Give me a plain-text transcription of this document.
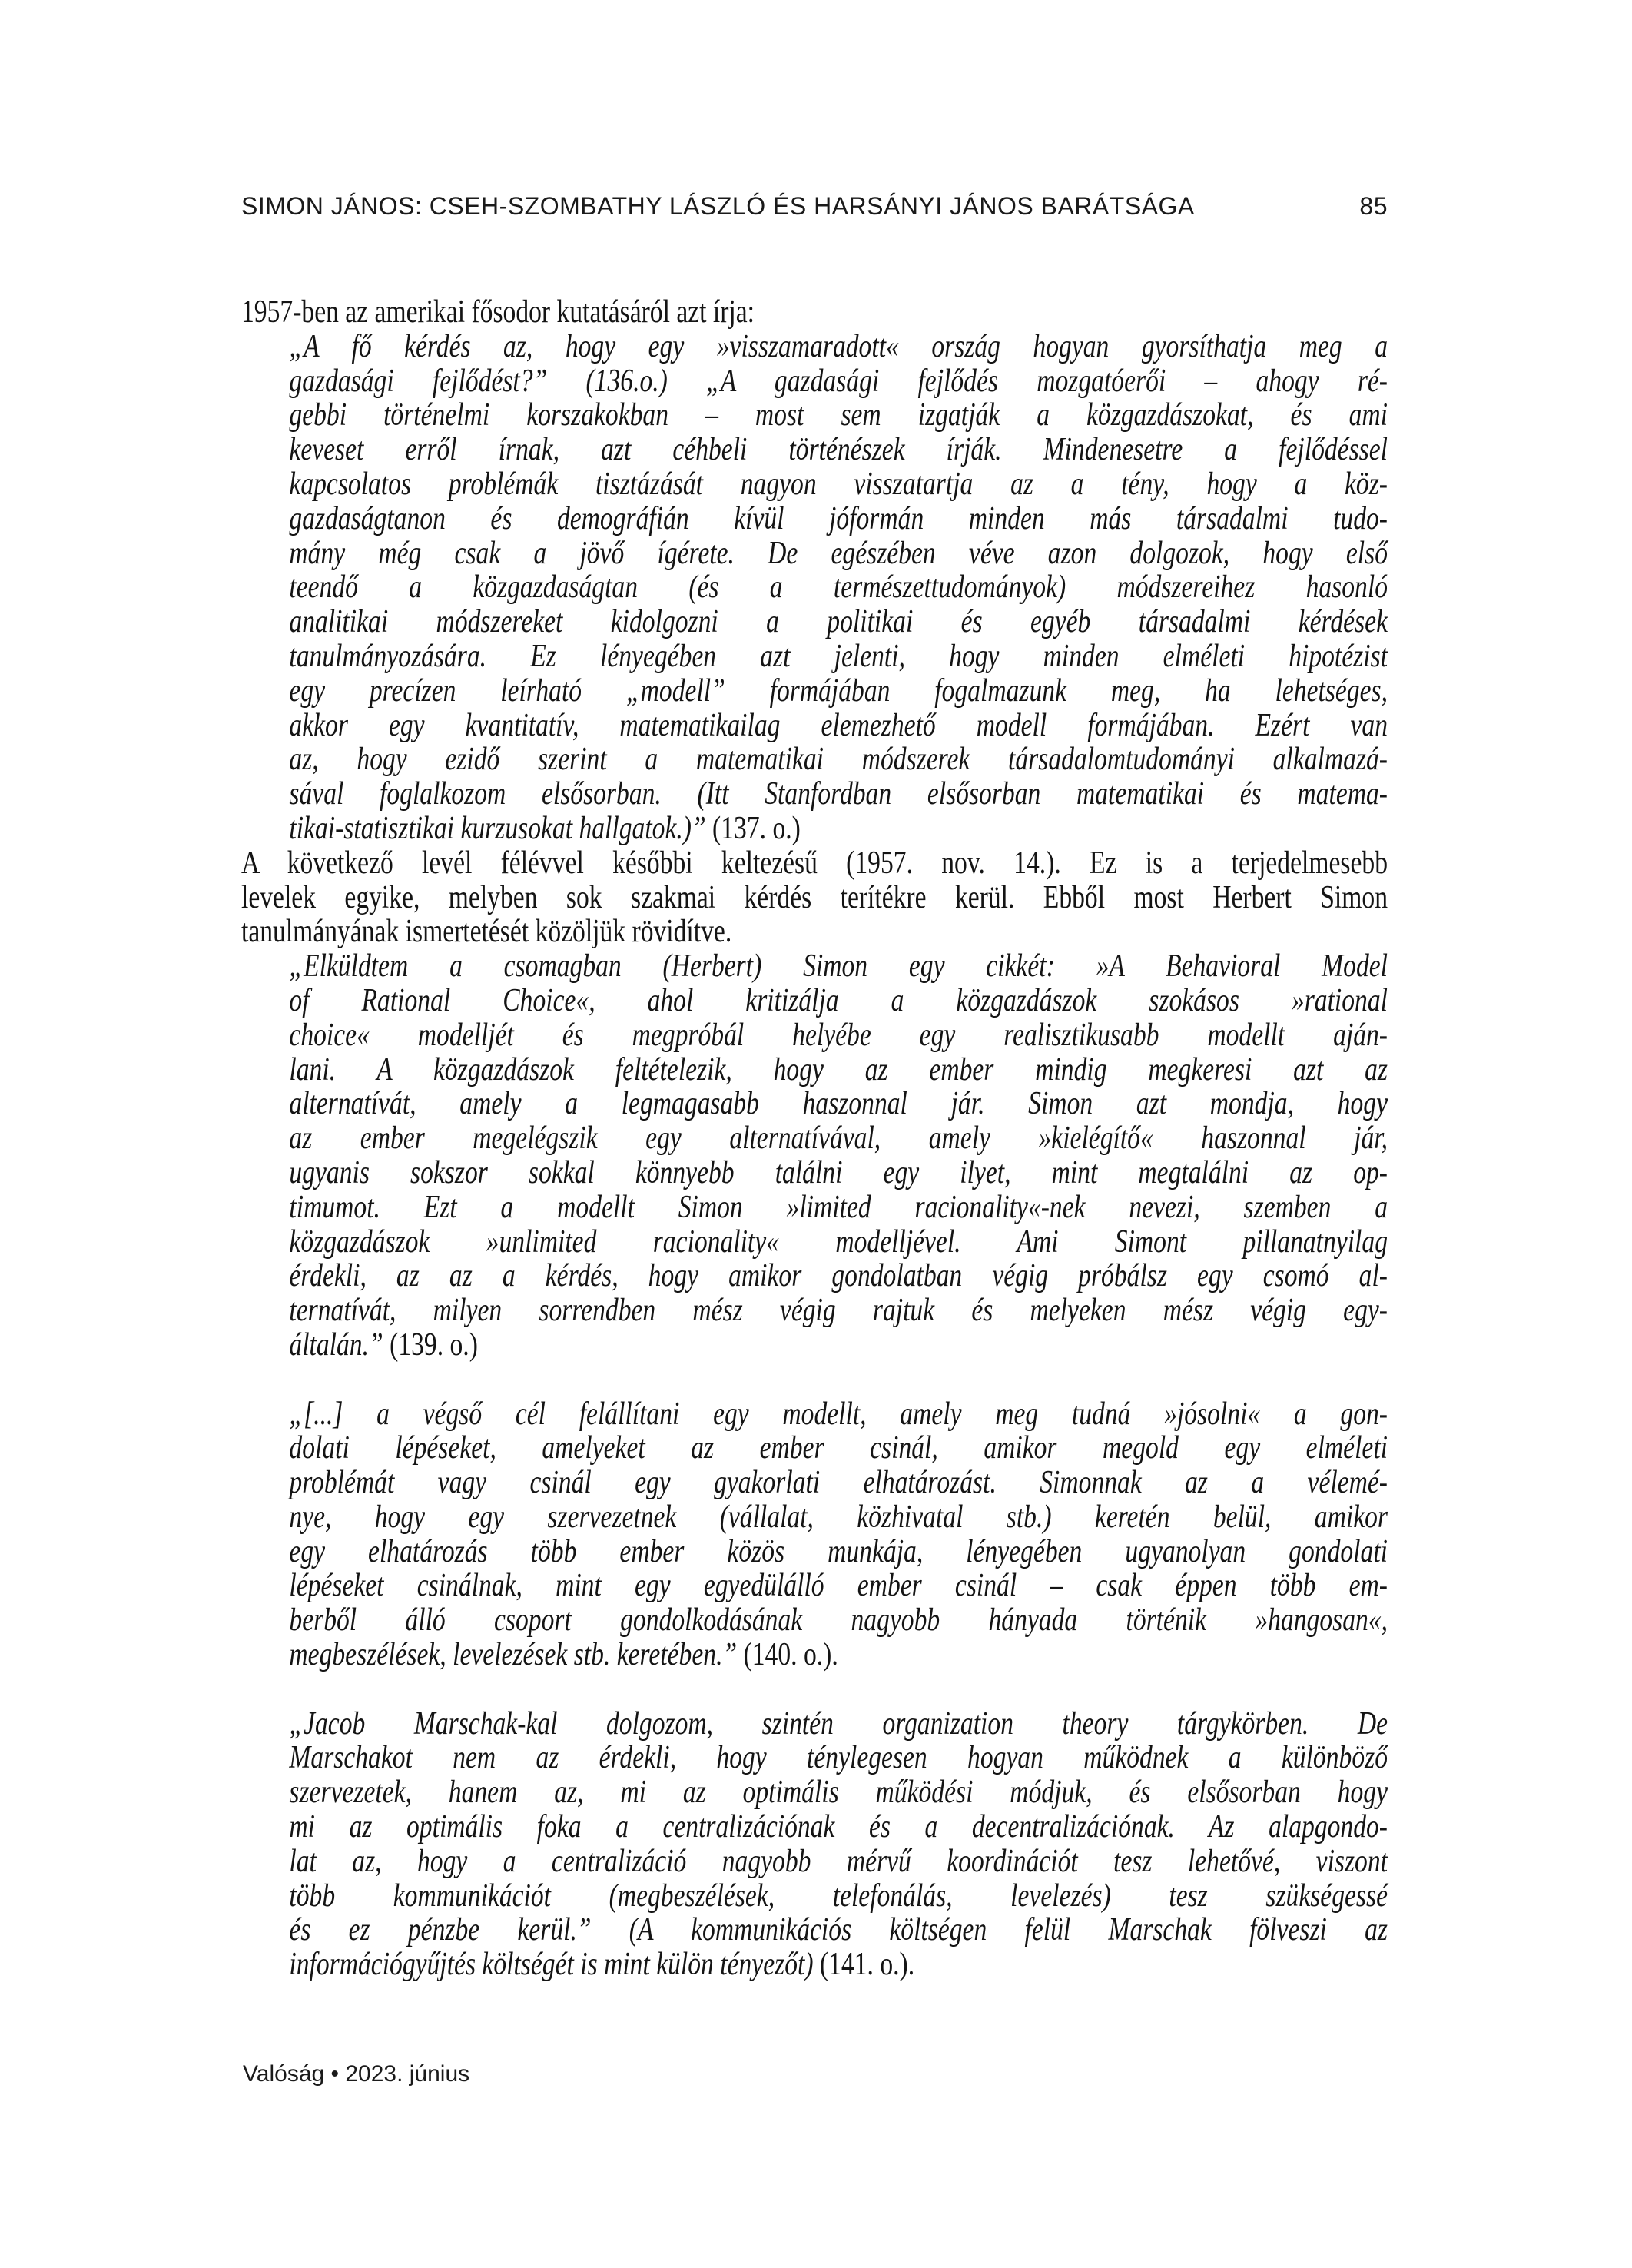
SIMON JÁNOS: CSEH-SZOMBATHY LÁSZLÓ ÉS HARSÁNYI JÁNOS BARÁTSÁGA	85
1957-ben az amerikai fősodor kutatásáról azt írja:
„A fő kérdés az, hogy egy »visszamaradott« ország hogyan gyorsíthatja meg a
gazdasági fejlődést?” (136.o.) „A gazdasági fejlődés mozgatóerői – ahogy ré-
gebbi történelmi korszakokban – most sem izgatják a közgazdászokat, és ami
keveset erről írnak, azt céhbeli történészek írják. Mindenesetre a fejlődéssel
kapcsolatos problémák tisztázását nagyon visszatartja az a tény, hogy a köz-
gazdaságtanon és demográfián kívül jóformán minden más társadalmi tudo-
mány még csak a jövő ígérete. De egészében véve azon dolgozok, hogy első
teendő a közgazdaságtan (és a természettudományok) módszereihez hasonló
analitikai módszereket kidolgozni a politikai és egyéb társadalmi kérdések
tanulmányozására. Ez lényegében azt jelenti, hogy minden elméleti hipotézist
egy precízen leírható „modell” formájában fogalmazunk meg, ha lehetséges,
akkor egy kvantitatív, matematikailag elemezhető modell formájában. Ezért van
az, hogy ezidő szerint a matematikai módszerek társadalomtudományi alkalmazá-
sával foglalkozom elsősorban. (Itt Stanfordban elsősorban matematikai és matema-
tikai-statisztikai kurzusokat hallgatok.)” (137. o.)
A következő levél félévvel későbbi keltezésű (1957. nov. 14.). Ez is a terjedelmesebb
levelek egyike, melyben sok szakmai kérdés terítékre kerül. Ebből most Herbert Simon
tanulmányának ismertetését közöljük rövidítve.
„Elküldtem a csomagban (Herbert) Simon egy cikkét: »A Behavioral Model
of Rational Choice«, ahol kritizálja a közgazdászok szokásos »rational
choice« modelljét és megpróbál helyébe egy realisztikusabb modellt aján-
lani. A közgazdászok feltételezik, hogy az ember mindig megkeresi azt az
alternatívát, amely a legmagasabb haszonnal jár. Simon azt mondja, hogy
az ember megelégszik egy alternatívával, amely »kielégítő« haszonnal jár,
ugyanis sokszor sokkal könnyebb találni egy ilyet, mint megtalálni az op-
timumot. Ezt a modellt Simon »limited racionality«-nek nevezi, szemben a
közgazdászok »unlimited racionality« modelljével. Ami Simont pillanatnyilag
érdekli, az az a kérdés, hogy amikor gondolatban végig próbálsz egy csomó al-
ternatívát, milyen sorrendben mész végig rajtuk és melyeken mész végig egy-
általán.” (139. o.)
„[...] a végső cél felállítani egy modellt, amely meg tudná »jósolni« a gon-
dolati lépéseket, amelyeket az ember csinál, amikor megold egy elméleti
problémát vagy csinál egy gyakorlati elhatározást. Simonnak az a vélemé-
nye, hogy egy szervezetnek (vállalat, közhivatal stb.) keretén belül, amikor
egy elhatározás több ember közös munkája, lényegében ugyanolyan gondolati
lépéseket csinálnak, mint egy egyedülálló ember csinál – csak éppen több em-
berből álló csoport gondolkodásának nagyobb hányada történik »hangosan«,
megbeszélések, levelezések stb. keretében.” (140. o.).
„Jacob Marschak-kal dolgozom, szintén organization theory tárgykörben. De
Marschakot nem az érdekli, hogy ténylegesen hogyan működnek a különböző
szervezetek, hanem az, mi az optimális működési módjuk, és elsősorban hogy
mi az optimális foka a centralizációnak és a decentralizációnak. Az alapgondo-
lat az, hogy a centralizáció nagyobb mérvű koordinációt tesz lehetővé, viszont
több kommunikációt (megbeszélések, telefonálás, levelezés) tesz szükségessé
és ez pénzbe kerül.” (A kommunikációs költségen felül Marschak fölveszi az
információgyűjtés költségét is mint külön tényezőt) (141. o.).
Valóság • 2023. június
